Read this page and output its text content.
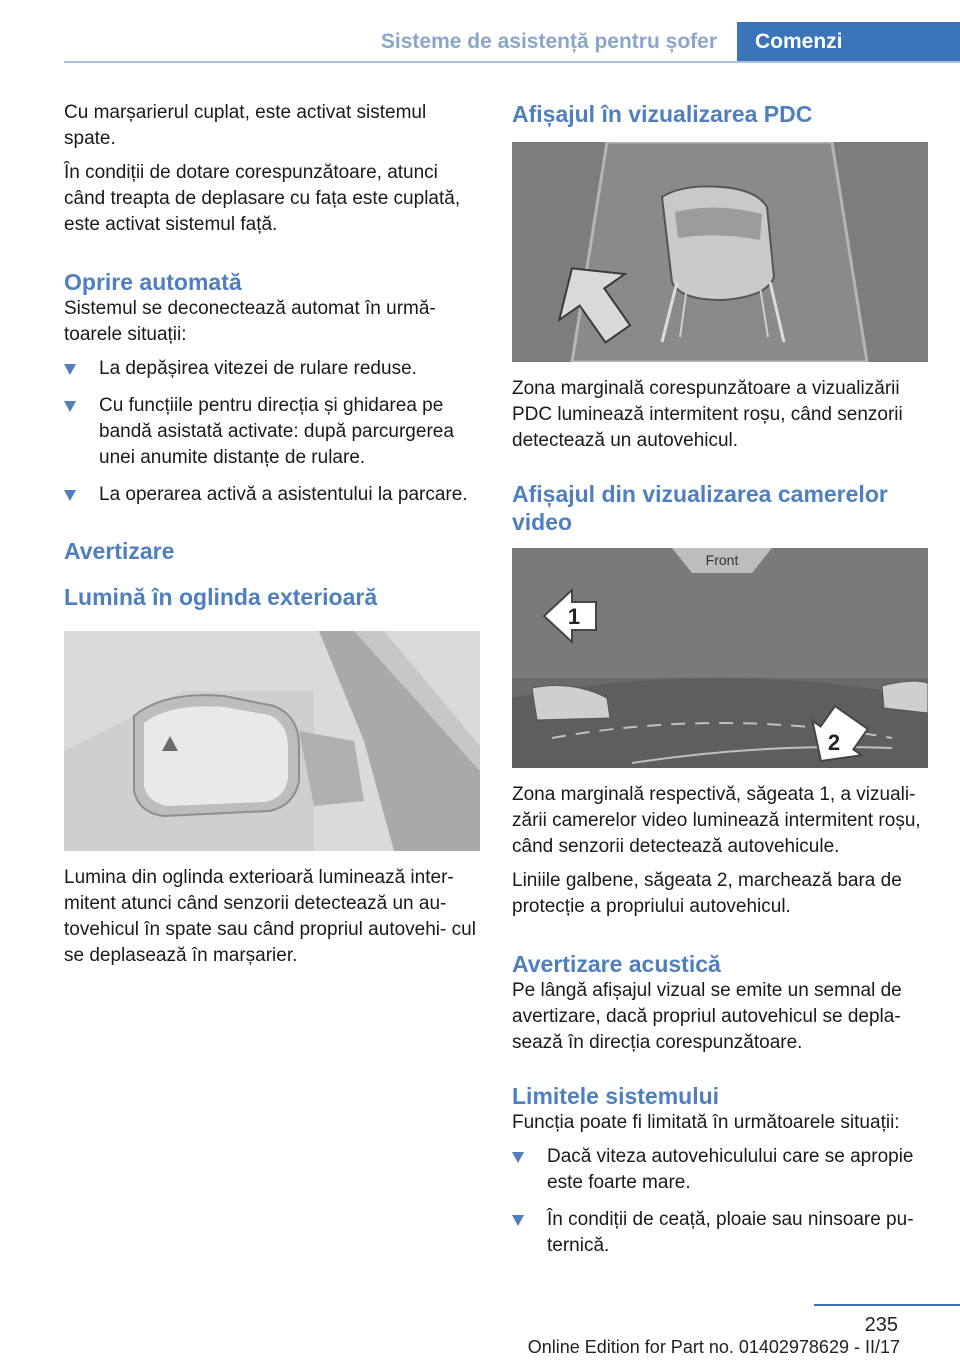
Sisteme de asistență pentru șofer	Comenzi

Cu marșarierul cuplat, este activat sistemul spate.

În condiții de dotare corespunzătoare, atunci când treapta de deplasare cu fața este cuplată, este activat sistemul față.

Oprire automată

Sistemul se deconectează automat în urmă- toarele situații:

La depășirea vitezei de rulare reduse.
Cu funcțiile pentru direcția și ghidarea pe bandă asistată activate: după parcurgerea unei anumite distanțe de rulare.
La operarea activă a asistentului la parcare.
Avertizare
Lumină în oglinda exterioară

Lumina din oglinda exterioară luminează inter- mitent atunci când senzorii detectează un au- tovehicul în spate sau când propriul autovehi- cul se deplasează în marșarier.

Afișajul în vizualizarea PDC

Zona marginală corespunzătoare a vizualizării PDC luminează intermitent roșu, când senzorii detectează un autovehicul.

Afișajul din vizualizarea camerelor video
Front
1
2

Zona marginală respectivă, săgeata 1, a vizuali- zării camerelor video luminează intermitent roșu, când senzorii detectează autovehicule.

Liniile galbene, săgeata 2, marchează bara de protecție a propriului autovehicul.

Avertizare acustică

Pe lângă afișajul vizual se emite un semnal de avertizare, dacă propriul autovehicul se depla- sează în direcția corespunzătoare.

Limitele sistemului

Funcția poate fi limitată în următoarele situații:

Dacă viteza autovehiculului care se apropie este foarte mare.
În condiții de ceață, ploaie sau ninsoare pu- ternică.
235
Online Edition for Part no. 01402978629 - II/17
